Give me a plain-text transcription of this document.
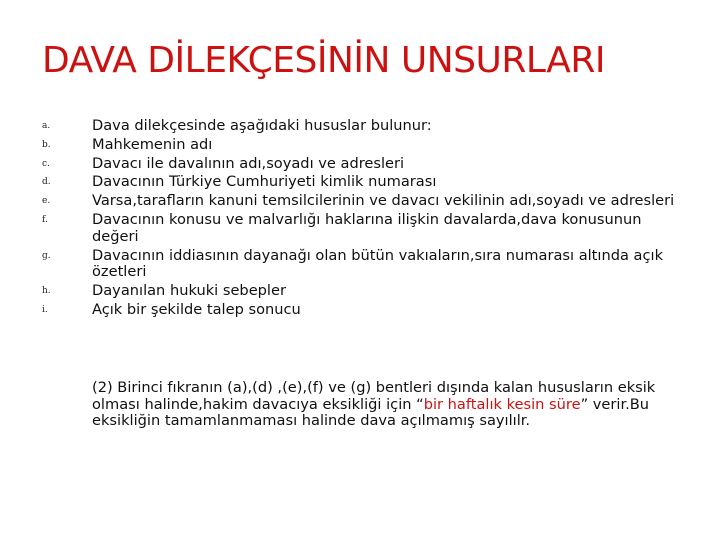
DAVA DİLEKÇESİNİN UNSURLARI
a.	Dava dilekçesinde aşağıdaki hususlar bulunur:
b.	Mahkemenin adı
c.	Davacı ile davalının adı,soyadı ve adresleri
d.	Davacının Türkiye Cumhuriyeti kimlik numarası
e.	Varsa,tarafların kanuni temsilcilerinin ve davacı vekilinin adı,soyadı ve adresleri
f.	Davacının konusu ve malvarlığı haklarına ilişkin davalarda,dava konusunun değeri
g.	Davacının iddiasının dayanağı olan bütün vakıaların,sıra numarası altında açık özetleri
h.	Dayanılan hukuki sebepler
i.	Açık bir şekilde talep sonucu
(2) Birinci fıkranın (a),(d) ,(e),(f) ve (g) bentleri dışında kalan hususların eksik olması halinde,hakim davacıya eksikliği için “bir haftalık kesin süre” verir.Bu eksikliğin tamamlanmaması halinde dava açılmamış sayılılr.
